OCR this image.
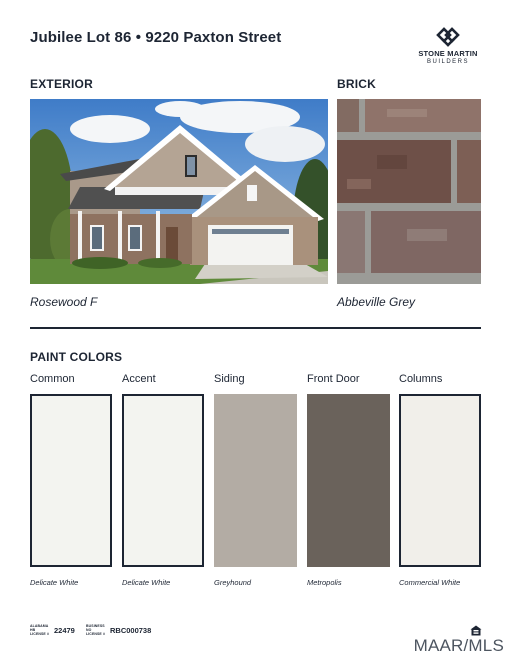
Jubilee Lot 86 • 9220 Paxton Street
STONE MARTIN
BUILDERS
EXTERIOR
Rosewood F
BRICK
Abbeville Grey
PAINT COLORS
Common	Accent	Siding	Front Door	Columns
Delicate White	Delicate White	Greyhound	Metropolis	Commercial White
ALABAMA HB LICENSE # 22479	BUSINESS NO LICENSE # RBC000738
MAAR/MLS
